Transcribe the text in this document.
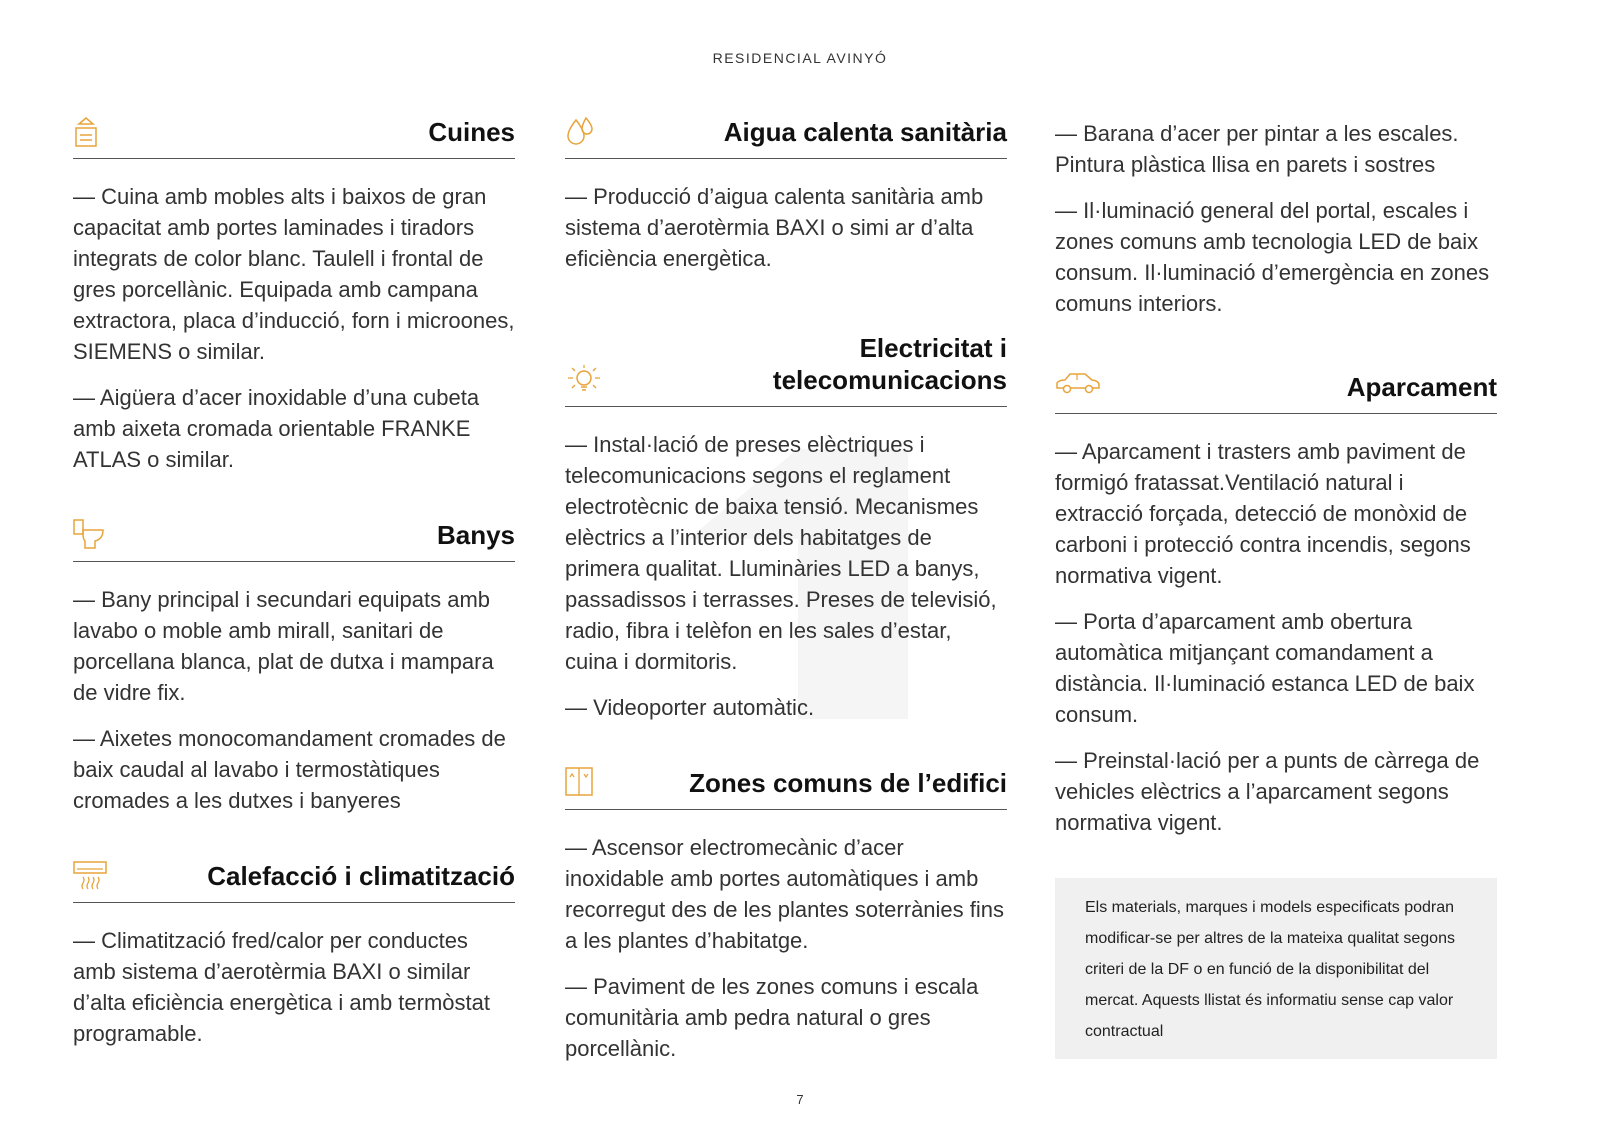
RESIDENCIAL AVINYÓ
Cuines

— Cuina amb mobles alts i baixos de gran capacitat amb portes laminades i tiradors integrats de color blanc. Taulell i frontal de gres porcellànic. Equipada amb campana extractora, placa d’inducció, forn i microones, SIEMENS o similar.

— Aigüera d’acer inoxidable d’una cubeta amb aixeta cromada orientable FRANKE ATLAS o similar.

Banys

— Bany principal i secundari equipats amb lavabo o moble amb mirall, sanitari de porcellana blanca, plat de dutxa i mampara de vidre fix.

— Aixetes monocomandament cromades de baix caudal al lavabo i termostàtiques cromades a les dutxes i banyeres

Calefacció i climatització

— Climatització fred/calor per conductes amb sistema d’aerotèrmia BAXI o similar d’alta eficiència energètica i amb termòstat programable.

Aigua calenta sanitària

— Producció d’aigua calenta sanitària amb sistema d’aerotèrmia BAXI o simi ar d’alta eficiència energètica.

Electricitat i telecomunicacions

— Instal·lació de preses elèctriques i telecomunicacions segons el reglament electrotècnic de baixa tensió. Mecanismes elèctrics a l’interior dels habitatges de primera qualitat. Lluminàries LED a banys, passadissos i terrasses. Preses de televisió, radio, fibra i telèfon en les sales d’estar, cuina i dormitoris.

— Videoporter automàtic.

Zones comuns de l’edifici

— Ascensor electromecànic d’acer inoxidable amb portes automàtiques i amb recorregut des de les plantes soterrànies fins a les plantes d’habitatge.

— Paviment de les zones comuns i escala comunitària amb pedra natural o gres porcellànic.

— Barana d’acer per pintar a les escales. Pintura plàstica llisa en parets i sostres

— Il·luminació general del portal, escales i zones comuns amb tecnologia LED de baix consum. Il·luminació d’emergència en zones comuns interiors.

Aparcament

— Aparcament i trasters amb paviment de formigó fratassat.Ventilació natural i extracció forçada, detecció de monòxid de carboni i protecció contra incendis, segons normativa vigent.

— Porta d’aparcament amb obertura automàtica mitjançant comandament a distància. Il·luminació estanca LED de baix consum.

— Preinstal·lació per a punts de càrrega de vehicles elèctrics a l’aparcament segons normativa vigent.

Els materials, marques i models especificats podran modificar-se per altres de la mateixa qualitat segons criteri de la DF o en funció de la disponibilitat del mercat. Aquests llistat és informatiu sense cap valor contractual
7
